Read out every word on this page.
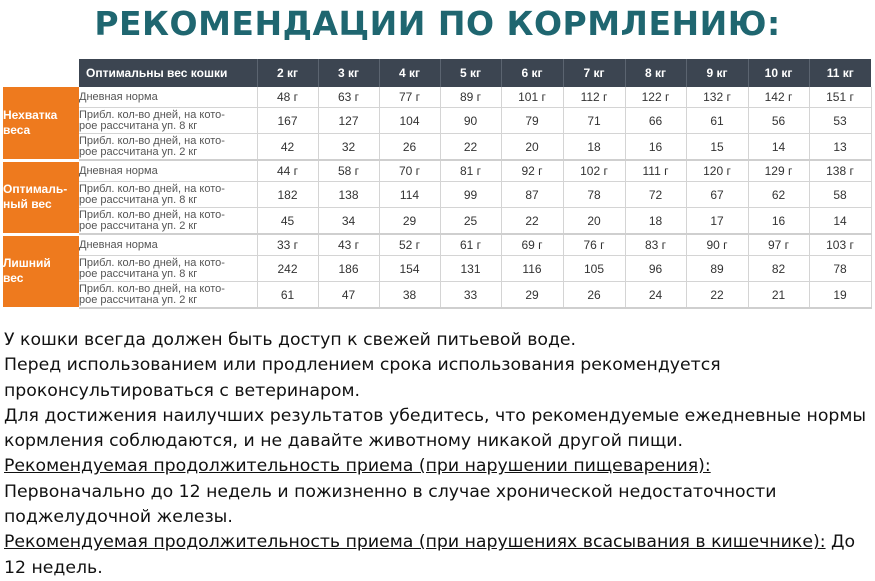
РЕКОМЕНДАЦИИ ПО КОРМЛЕНИЮ:
	Оптимальны вес кошки	2 кг	3 кг	4 кг	5 кг	6 кг	7 кг	8 кг	9 кг	10 кг	11 кг

Нехватка
веса	Дневная норма	48 г	63 г	77 г	89 г	101 г	112 г	122 г	132 г	142 г	151 г

	Прибл. кол-во дней, на кото-
рое рассчитана уп. 8 кг	167	127	104	90	79	71	66	61	56	53

	Прибл. кол-во дней, на кото-
рое рассчитана уп. 2 кг	42	32	26	22	20	18	16	15	14	13

Оптималь-
ный вес	Дневная норма	44 г	58 г	70 г	81 г	92 г	102 г	111 г	120 г	129 г	138 г

	Прибл. кол-во дней, на кото-
рое рассчитана уп. 8 кг	182	138	114	99	87	78	72	67	62	58

	Прибл. кол-во дней, на кото-
рое рассчитана уп. 2 кг	45	34	29	25	22	20	18	17	16	14

Лишний
вес	Дневная норма	33 г	43 г	52 г	61 г	69 г	76 г	83 г	90 г	97 г	103 г

	Прибл. кол-во дней, на кото-
рое рассчитана уп. 8 кг	242	186	154	131	116	105	96	89	82	78

	Прибл. кол-во дней, на кото-
рое рассчитана уп. 2 кг	61	47	38	33	29	26	24	22	21	19

У кошки всегда должен быть доступ к свежей питьевой воде.

Перед использованием или продлением срока использования рекомендуется проконсультироваться с ветеринаром.

Для достижения наилучших результатов убедитесь, что рекомендуемые ежедневные нормы кормления соблюдаются, и не давайте животному никакой другой пищи.

Рекомендуемая продолжительность приема (при нарушении пищеварения):

Первоначально до 12 недель и пожизненно в случае хронической недостаточности поджелудочной железы.

Рекомендуемая продолжительность приема (при нарушениях всасывания в кишечнике): До 12 недель.
